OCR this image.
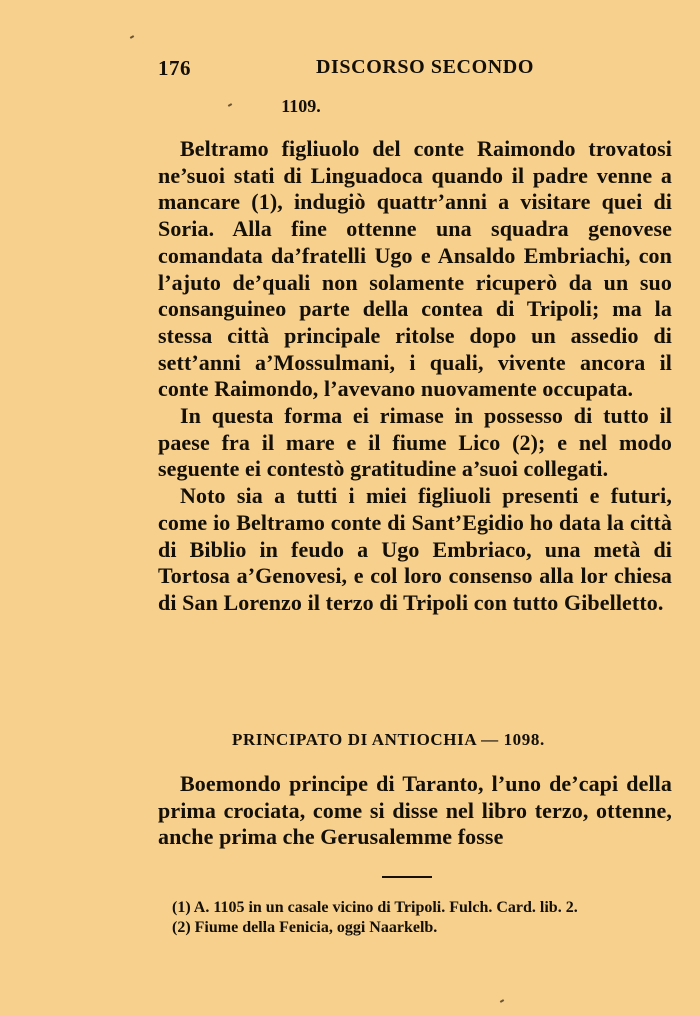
176	DISCORSO SECONDO
1109.

Beltramo figliuolo del conte Raimondo trovatosi ne’suoi stati di Linguadoca quando il padre venne a mancare (1), indugiò quattr’anni a visitare quei di Soria. Alla fine ottenne una squadra genovese comandata da’fratelli Ugo e Ansaldo Embriachi, con l’ajuto de’quali non solamente ricuperò da un suo consanguineo parte della contea di Tripoli; ma la stessa città principale ritolse dopo un assedio di sett’anni a’Mossulmani, i quali, vivente ancora il conte Raimondo, l’avevano nuovamente occupata.

In questa forma ei rimase in possesso di tutto il paese fra il mare e il fiume Lico (2); e nel modo seguente ei contestò gratitudine a’suoi collegati.

Noto sia a tutti i miei figliuoli presenti e futuri, come io Beltramo conte di Sant’Egidio ho data la città di Biblio in feudo a Ugo Embriaco, una metà di Tortosa a’Genovesi, e col loro consenso alla lor chiesa di San Lorenzo il terzo di Tripoli con tutto Gibelletto.

PRINCIPATO DI ANTIOCHIA — 1098.

Boemondo principe di Taranto, l’uno de’capi della prima crociata, come si disse nel libro terzo, ottenne, anche prima che Gerusalemme fosse

(1) A. 1105 in un casale vicino di Tripoli. Fulch. Card. lib. 2.

(2) Fiume della Fenicia, oggi Naarkelb.
